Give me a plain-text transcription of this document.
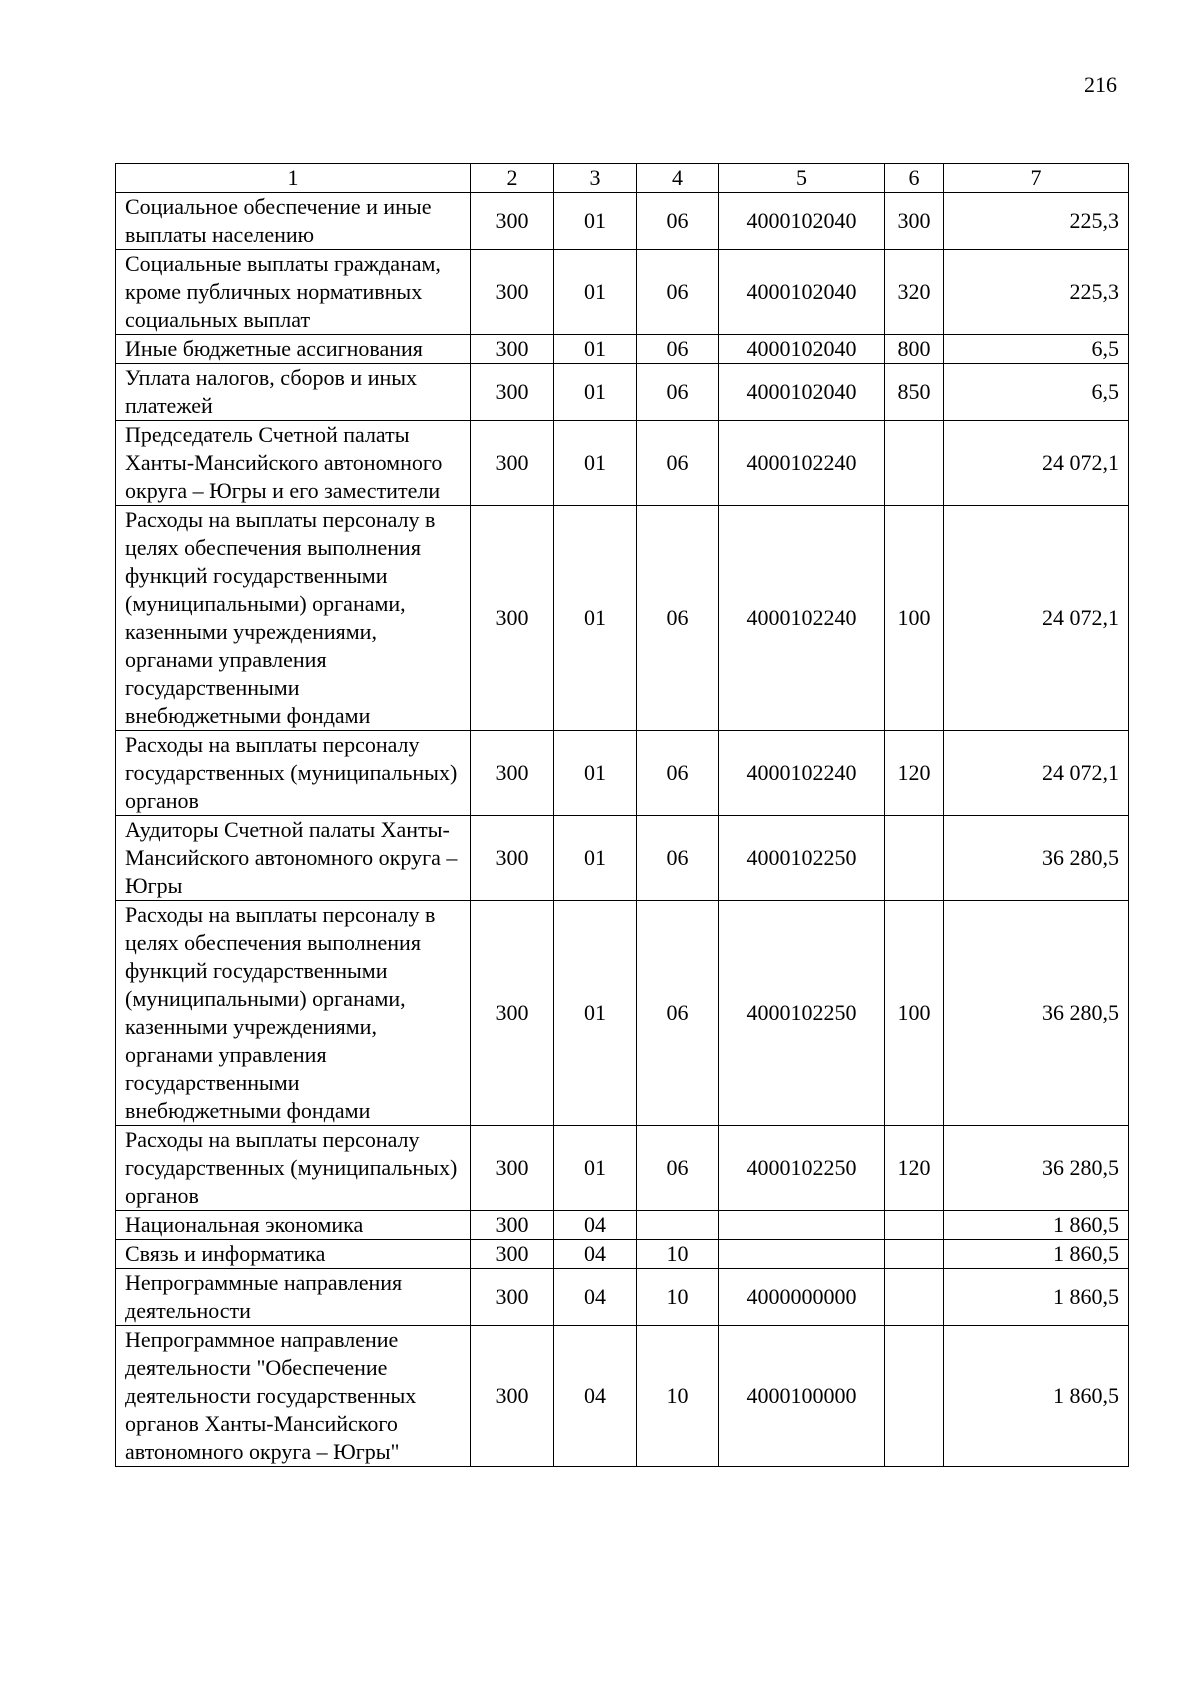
216
1	2	3	4	5	6	7
Социальное обеспечение и иные выплаты населению	300	01	06	4000102040	300	225,3
Социальные выплаты гражданам, кроме публичных нормативных социальных выплат	300	01	06	4000102040	320	225,3
Иные бюджетные ассигнования	300	01	06	4000102040	800	6,5
Уплата налогов, сборов и иных платежей	300	01	06	4000102040	850	6,5
Председатель Счетной палаты Ханты-Мансийского автономного округа – Югры и его заместители	300	01	06	4000102240		24 072,1
Расходы на выплаты персоналу в целях обеспечения выполнения функций государственными (муниципальными) органами, казенными учреждениями, органами управления государственными внебюджетными фондами	300	01	06	4000102240	100	24 072,1
Расходы на выплаты персоналу государственных (муниципальных) органов	300	01	06	4000102240	120	24 072,1
Аудиторы Счетной палаты Ханты-Мансийского автономного округа – Югры	300	01	06	4000102250		36 280,5
Расходы на выплаты персоналу в целях обеспечения выполнения функций государственными (муниципальными) органами, казенными учреждениями, органами управления государственными внебюджетными фондами	300	01	06	4000102250	100	36 280,5
Расходы на выплаты персоналу государственных (муниципальных) органов	300	01	06	4000102250	120	36 280,5
Национальная экономика	300	04				1 860,5
Связь и информатика	300	04	10			1 860,5
Непрограммные направления деятельности	300	04	10	4000000000		1 860,5
Непрограммное направление деятельности "Обеспечение деятельности государственных органов Ханты-Мансийского автономного округа – Югры"	300	04	10	4000100000		1 860,5
